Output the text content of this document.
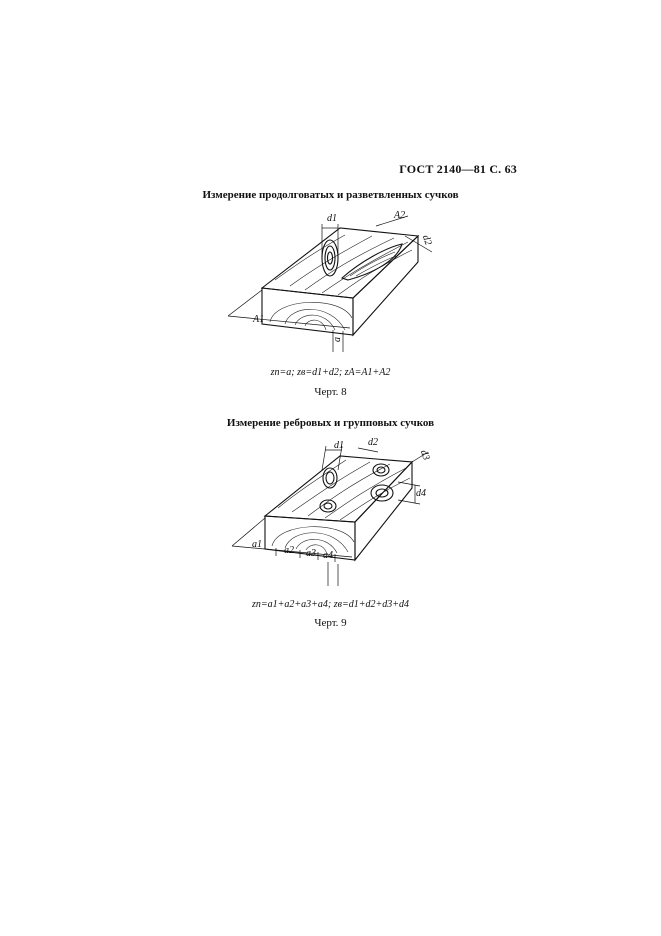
ГОСТ 2140—81 С. 63
Измерение продолговатых и разветвленных сучков
d1	A2
d2
A1
a
zп=a; zв=d1+d2; zA=A1+A2
Черт. 8
Измерение ребровых и групповых сучков
d1 d2
d3
d4
a1
a2 a3 a4
zп=a1+a2+a3+a4; zв=d1+d2+d3+d4
Черт. 9
